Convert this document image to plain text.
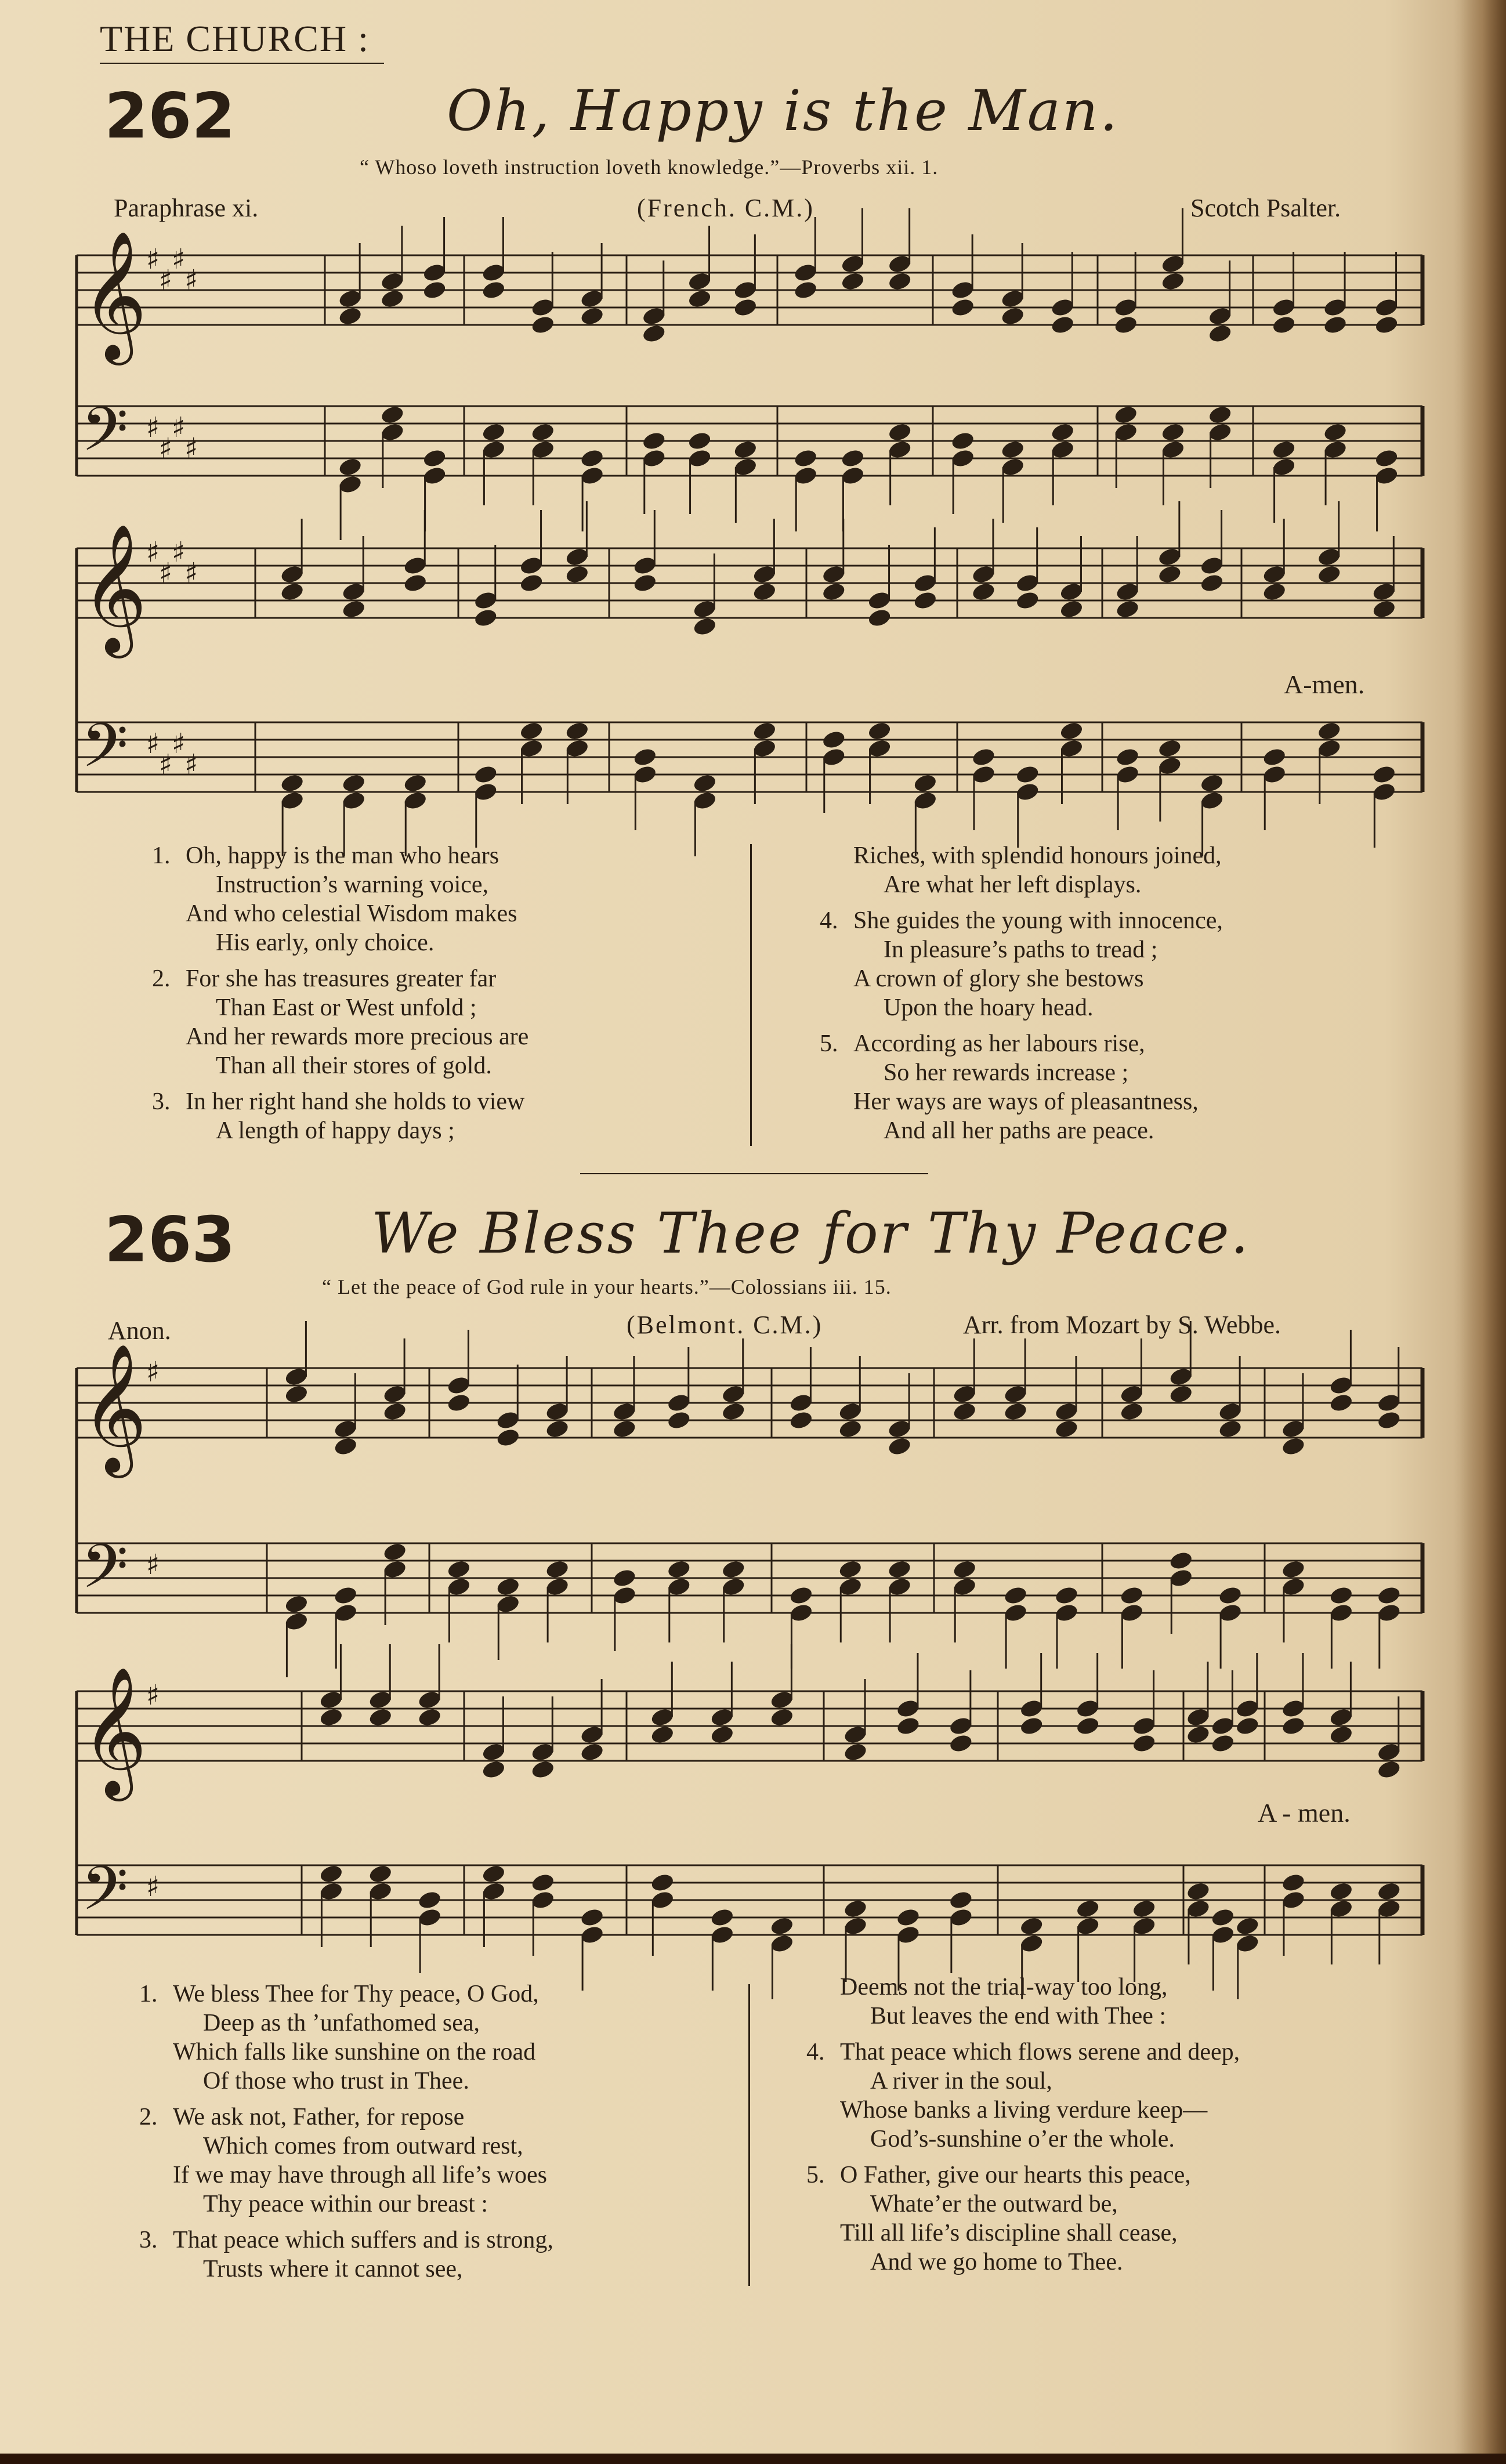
THE CHURCH :
262	Oh, Happy is the Man.
“ Whoso loveth instruction loveth knowledge.”—Proverbs xii. 1.
Paraphrase xi.	(French. C.M.)	Scotch Psalter.
A-men.
1. Oh, happy is the man who hears
Instruction’s warning voice,
And who celestial Wisdom makes
His early, only choice.
2. For she has treasures greater far
Than East or West unfold ;
And her rewards more precious are
Than all their stores of gold.
3. In her right hand she holds to view
A length of happy days ;
Riches, with splendid honours joined,
Are what her left displays.
4. She guides the young with innocence,
In pleasure’s paths to tread ;
A crown of glory she bestows
Upon the hoary head.
5. According as her labours rise,
So her rewards increase ;
Her ways are ways of pleasantness,
And all her paths are peace.
263 We Bless Thee for Thy Peace.
“ Let the peace of God rule in your hearts.”—Colossians iii. 15.
Anon.	(Belmont. C.M.)	Arr. from Mozart by S. Webbe.
A - men.
1. We bless Thee for Thy peace, O God,
Deep as th ’unfathomed sea,
Which falls like sunshine on the road
Of those who trust in Thee.
2. We ask not, Father, for repose
Which comes from outward rest,
If we may have through all life’s woes
Thy peace within our breast :
3. That peace which suffers and is strong,
Trusts where it cannot see,
Deems not the trial-way too long,
But leaves the end with Thee :
4. That peace which flows serene and deep,
A river in the soul,
Whose banks a living verdure keep—
God’s-sunshine o’er the whole.
5. O Father, give our hearts this peace,
Whate’er the outward be,
Till all life’s discipline shall cease,
And we go home to Thee.
𝄞
𝄢
♯
♯
♯
♯
♯
♯
♯
♯
𝄞
𝄢
♯
♯
♯
♯
♯
♯
♯
♯
𝄞
𝄢
♯
♯
𝄞
𝄢
♯
♯
